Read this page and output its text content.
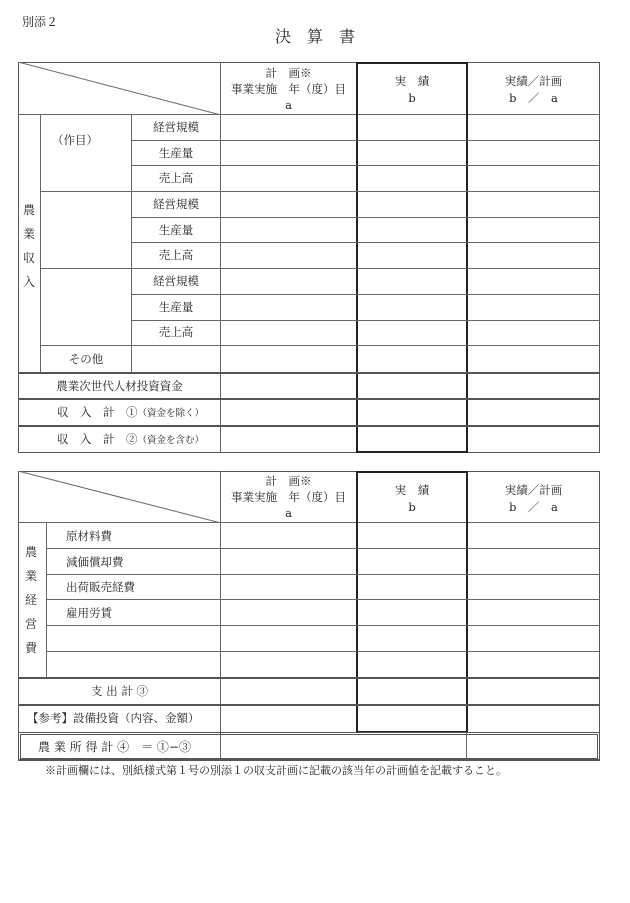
別添２
決　算　書
計　画※
事業実施　年（度）目
a
実　績
b
実績／計画
b　／　a
農
業
収
入
（作目）
経営規模
生産量
売上高
経営規模
生産量
売上高
経営規模
生産量
売上高
その他
農業次世代人材投資資金
収　入　計　①（資金を除く）
収　入　計　②（資金を含む）
計　画※
事業実施　年（度）目
a
実　績
b
実績／計画
b　／　a
農
業
経
営
費
原材料費
減価償却費
出荷販売経費
雇用労賃
支 出 計 ③
【参考】設備投資（内容、金額）
農 業 所 得 計 ④　＝ ①−③
※計画欄には、別紙様式第１号の別添１の収支計画に記載の該当年の計画値を記載すること。
